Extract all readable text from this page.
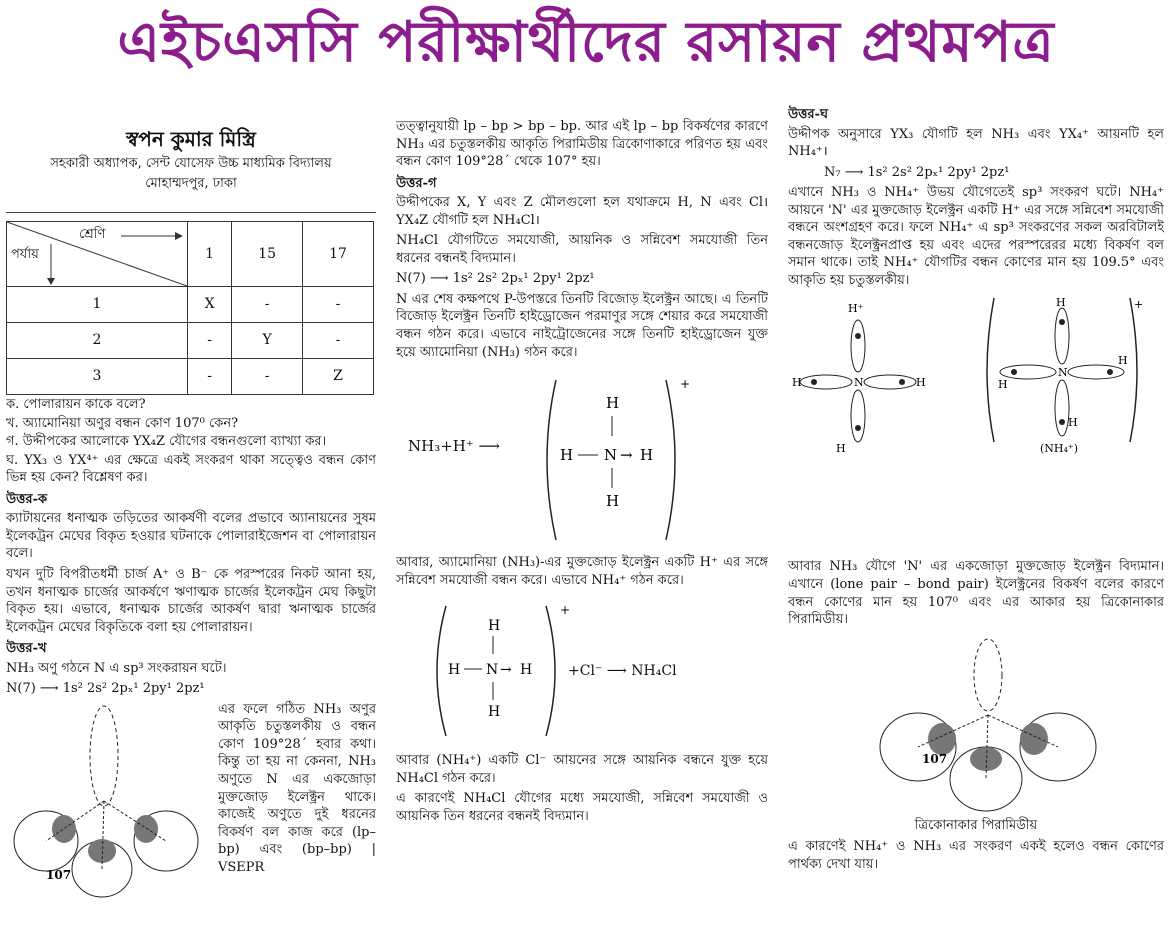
এইচএসসি পরীক্ষার্থীদের রসায়ন প্রথমপত্র
স্বপন কুমার মিস্ত্রি
সহকারী অধ্যাপক, সেন্ট যোসেফ উচ্চ মাধ্যমিক বিদ্যালয়
মোহাম্মদপুর, ঢাকা
শ্রেণি
পর্যায়	1	15	17
1	X	-	-
2	-	Y	-
3	-	-	Z

ক. পোলারায়ন কাকে বলে?

খ. অ্যামোনিয়া অণুর বন্ধন কোণ 107⁰ কেন?

গ. উদ্দীপকের আলোকে YX₄Z যৌগের বন্ধনগুলো ব্যাখ্যা কর।

ঘ. YX₃ ও YX⁴⁺ এর ক্ষেত্রে একই সংকরণ থাকা সত্ত্বেও বন্ধন কোণ ভিন্ন হয় কেন? বিশ্লেষণ কর।

উত্তর-ক

ক্যাটায়নের ধনাত্মক তড়িতের আকর্ষণী বলের প্রভাবে অ্যানায়নের সুষম ইলেকট্রন মেঘের বিকৃত হওয়ার ঘটনাকে পোলারাইজেশন বা পোলারায়ন বলে।

যখন দুটি বিপরীতধর্মী চার্জ A⁺ ও B⁻ কে পরস্পরের নিকট আনা হয়, তখন ধনাত্মক চার্জের আকর্ষণে ঋণাত্মক চার্জের ইলেকট্রন মেঘ কিছুটা বিকৃত হয়। এভাবে, ধনাত্মক চার্জের আকর্ষণ দ্বারা ঋনাত্মক চার্জের ইলেকট্রন মেঘের বিকৃতিকে বলা হয় পোলারায়ন।

উত্তর-খ

NH₃ অণু গঠনে N এ sp³ সংকরায়ন ঘটে।

N(7) ⟶ 1s² 2s² 2pₓ¹ 2py¹ 2pz¹

এর ফলে গঠিত NH₃ অণুর আকৃতি চতুস্তলকীয় ও বন্ধন কোণ 109°28´ হবার কথা। কিন্তু তা হয় না কেননা, NH₃ অণুতে N এর একজোড়া মুক্তজোড় ইলেক্ট্রন থাকে। কাজেই অণুতে দুই ধরনের বিকর্ষণ বল কাজ করে (lp–bp) এবং (bp–bp) | VSEPR
107

তত্ত্বানুযায়ী lp – bp > bp – bp. আর এই lp – bp বিকর্ষণের কারণে NH₃ এর চতুস্তলকীয় আকৃতি পিরামিডীয় ত্রিকোণাকারে পরিণত হয় এবং বন্ধন কোণ 109°28´ থেকে 107° হয়।

উত্তর-গ

উদ্দীপকের X, Y এবং Z মৌলগুলো হল যথাক্রমে H, N এবং Cl। YX₄Z যৌগটি হল NH₄Cl।

NH₄Cl যৌগটিতে সমযোজী, আয়নিক ও সন্নিবেশ সমযোজী তিন ধরনের বন্ধনই বিদ্যমান।

N(7) ⟶ 1s² 2s² 2pₓ¹ 2py¹ 2pz¹

N এর শেষ কক্ষপথে P-উপস্তরে তিনটি বিজোড় ইলেক্ট্রন আছে। এ তিনটি বিজোড় ইলেক্ট্রন তিনটি হাইড্রোজেন পরমাণুর সঙ্গে শেয়ার করে সমযোজী বন্ধন গঠন করে। এভাবে নাইট্রোজেনের সঙ্গে তিনটি হাইড্রোজেন যুক্ত হয়ে অ্যামোনিয়া (NH₃) গঠন করে।

NH₃+H⁺ ⟶
+
H
H N → H
H

আবার, অ্যামোনিয়া (NH₃)-এর মুক্তজোড় ইলেক্ট্রন একটি H⁺ এর সঙ্গে সন্নিবেশ সমযোজী বন্ধন করে। এভাবে NH₄⁺ গঠন করে।

+
H
H N → H
H
+Cl⁻ ⟶ NH₄Cl

আবার (NH₄⁺) একটি Cl⁻ আয়নের সঙ্গে আয়নিক বন্ধনে যুক্ত হয়ে NH₄Cl গঠন করে।

এ কারণেই NH₄Cl যৌগের মধ্যে সমযোজী, সন্নিবেশ সমযোজী ও আয়নিক তিন ধরনের বন্ধনই বিদ্যমান।

উত্তর-ঘ

উদ্দীপক অনুসারে YX₃ যৌগটি হল NH₃ এবং YX₄⁺ আয়নটি হল NH₄⁺।

N₇ ⟶ 1s² 2s² 2pₓ¹ 2py¹ 2pz¹

এখানে NH₃ ও NH₄⁺ উভয় যৌগেতেই sp³ সংকরণ ঘটে। NH₄⁺ আয়নে 'N' এর মুক্তজোড় ইলেক্ট্রন একটি H⁺ এর সঙ্গে সন্নিবেশ সমযোজী বন্ধনে অংশগ্রহণ করে। ফলে NH₄⁺ এ sp³ সংকরণের সকল অরবিটালই বন্ধনজোড় ইলেক্ট্রনপ্রাপ্ত হয় এবং এদের পরস্পরেরর মধ্যে বিকর্ষণ বল সমান থাকে। তাই NH₄⁺ যৌগটির বন্ধন কোণের মান হয় 109.5° এবং আকৃতি হয় চতুস্তলকীয়।

H⁺
N
H	H
H
+
N
H
H
H
H
(NH₄⁺)

আবার NH₃ যৌগে 'N' এর একজোড়া মুক্তজোড় ইলেক্ট্রন বিদ্যমান। এখানে (lone pair – bond pair) ইলেক্ট্রনের বিকর্ষণ বলের কারণে বন্ধন কোণের মান হয় 107⁰ এবং এর আকার হয় ত্রিকোনাকার পিরামিডীয়।

107
ত্রিকোনাকার পিরামিডীয়

এ কারণেই NH₄⁺ ও NH₃ এর সংকরণ একই হলেও বন্ধন কোণের পার্থক্য দেখা যায়।
